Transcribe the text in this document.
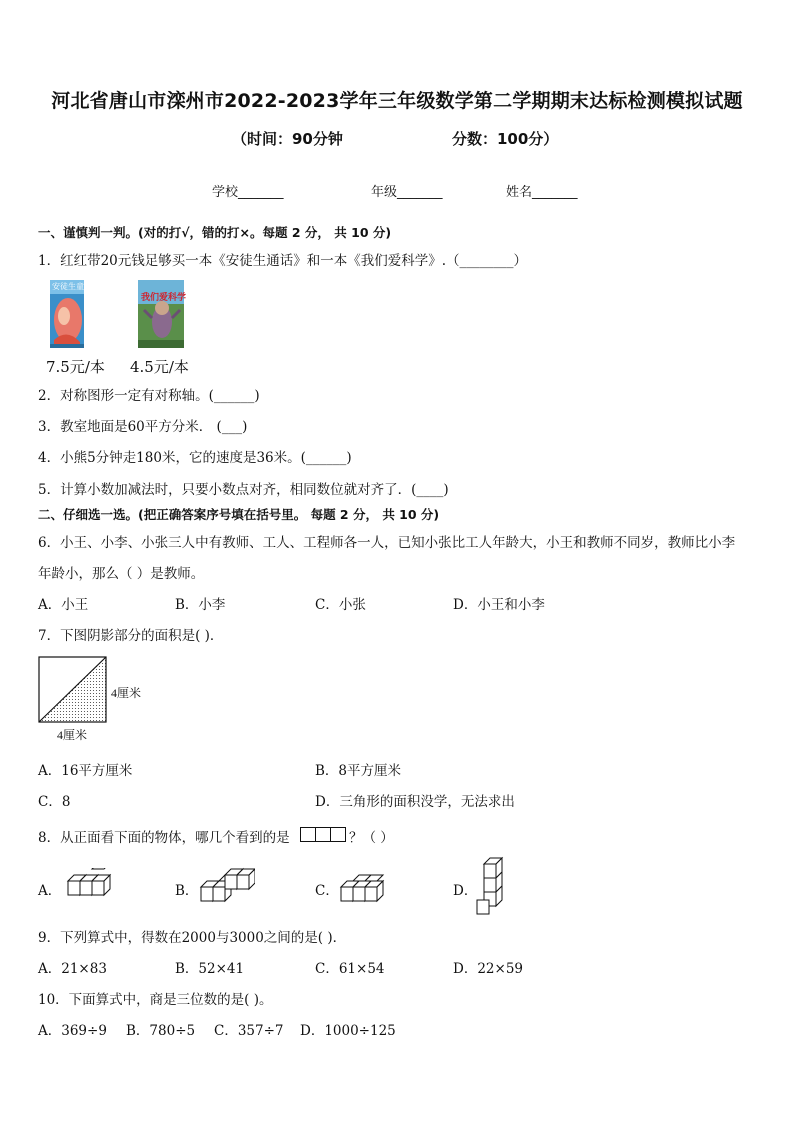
河北省唐山市滦州市2022-2023学年三年级数学第二学期期末达标检测模拟试题
（时间：90分钟	分数：100分）
学校_______	年级_______	姓名_______
一、谨慎判一判。(对的打√，错的打×。每题 2 分， 共 10 分)
1．红红带20元钱足够买一本《安徒生通话》和一本《我们爱科学》.（________）
安徒生童话
我们爱科学
7.5元/本 4.5元/本
2．对称图形一定有对称轴。(______)
3．教室地面是60平方分米． (___)
4．小熊5分钟走180米，它的速度是36米。(______)
5．计算小数加减法时，只要小数点对齐，相同数位就对齐了．(____)
二、仔细选一选。(把正确答案序号填在括号里。 每题 2 分， 共 10 分)
6．小王、小李、小张三人中有教师、工人、工程师各一人，已知小张比工人年龄大，小王和教师不同岁，教师比小李
年龄小，那么（ ）是教师。
A．小王	B．小李	C．小张	D．小王和小李
7．下图阴影部分的面积是( )．
4厘米
4厘米
A．16平方厘米	B．8平方厘米
C．8	D．三角形的面积没学，无法求出
8．从正面看下面的物体，哪几个看到的是	？（ ）
A．	B．	C．	D．
9．下列算式中，得数在2000与3000之间的是( )．
A．21×83	B．52×41	C．61×54	D．22×59
10．下面算式中，商是三位数的是( )。
A．369÷9 B．780÷5 C．357÷7 D．1000÷125
